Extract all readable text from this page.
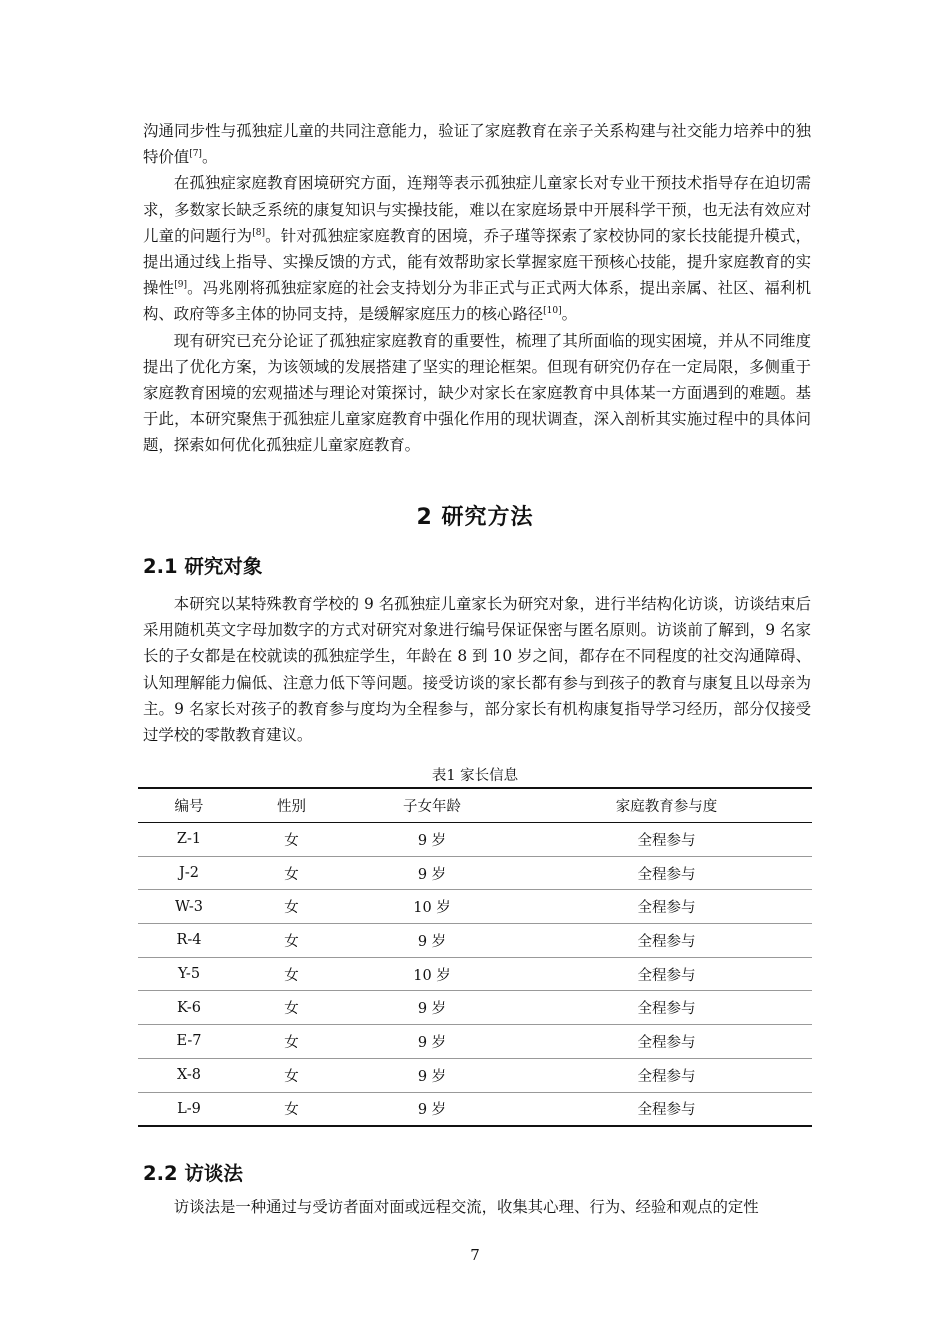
沟通同步性与孤独症儿童的共同注意能力，验证了家庭教育在亲子关系构建与社交能力培养中的独特价值[7]。

在孤独症家庭教育困境研究方面，连翔等表示孤独症儿童家长对专业干预技术指导存在迫切需求，多数家长缺乏系统的康复知识与实操技能，难以在家庭场景中开展科学干预，也无法有效应对儿童的问题行为[8]。针对孤独症家庭教育的困境，乔子瑾等探索了家校协同的家长技能提升模式，提出通过线上指导、实操反馈的方式，能有效帮助家长掌握家庭干预核心技能，提升家庭教育的实操性[9]。冯兆刚将孤独症家庭的社会支持划分为非正式与正式两大体系，提出亲属、社区、福利机构、政府等多主体的协同支持，是缓解家庭压力的核心路径[10]。

现有研究已充分论证了孤独症家庭教育的重要性，梳理了其所面临的现实困境，并从不同维度提出了优化方案，为该领域的发展搭建了坚实的理论框架。但现有研究仍存在一定局限，多侧重于家庭教育困境的宏观描述与理论对策探讨，缺少对家长在家庭教育中具体某一方面遇到的难题。基于此，本研究聚焦于孤独症儿童家庭教育中强化作用的现状调查，深入剖析其实施过程中的具体问题，探索如何优化孤独症儿童家庭教育。

2 研究方法
2.1 研究对象

本研究以某特殊教育学校的 9 名孤独症儿童家长为研究对象，进行半结构化访谈，访谈结束后采用随机英文字母加数字的方式对研究对象进行编号保证保密与匿名原则。访谈前了解到，9 名家长的子女都是在校就读的孤独症学生，年龄在 8 到 10 岁之间，都存在不同程度的社交沟通障碍、认知理解能力偏低、注意力低下等问题。接受访谈的家长都有参与到孩子的教育与康复且以母亲为主。9 名家长对孩子的教育参与度均为全程参与，部分家长有机构康复指导学习经历，部分仅接受过学校的零散教育建议。

表1 家长信息
编号	性别	子女年龄	家庭教育参与度
Z-1	女	9 岁	全程参与
J-2	女	9 岁	全程参与
W-3	女	10 岁	全程参与
R-4	女	9 岁	全程参与
Y-5	女	10 岁	全程参与
K-6	女	9 岁	全程参与
E-7	女	9 岁	全程参与
X-8	女	9 岁	全程参与
L-9	女	9 岁	全程参与
2.2 访谈法

访谈法是一种通过与受访者面对面或远程交流，收集其心理、行为、经验和观点的定性

7
